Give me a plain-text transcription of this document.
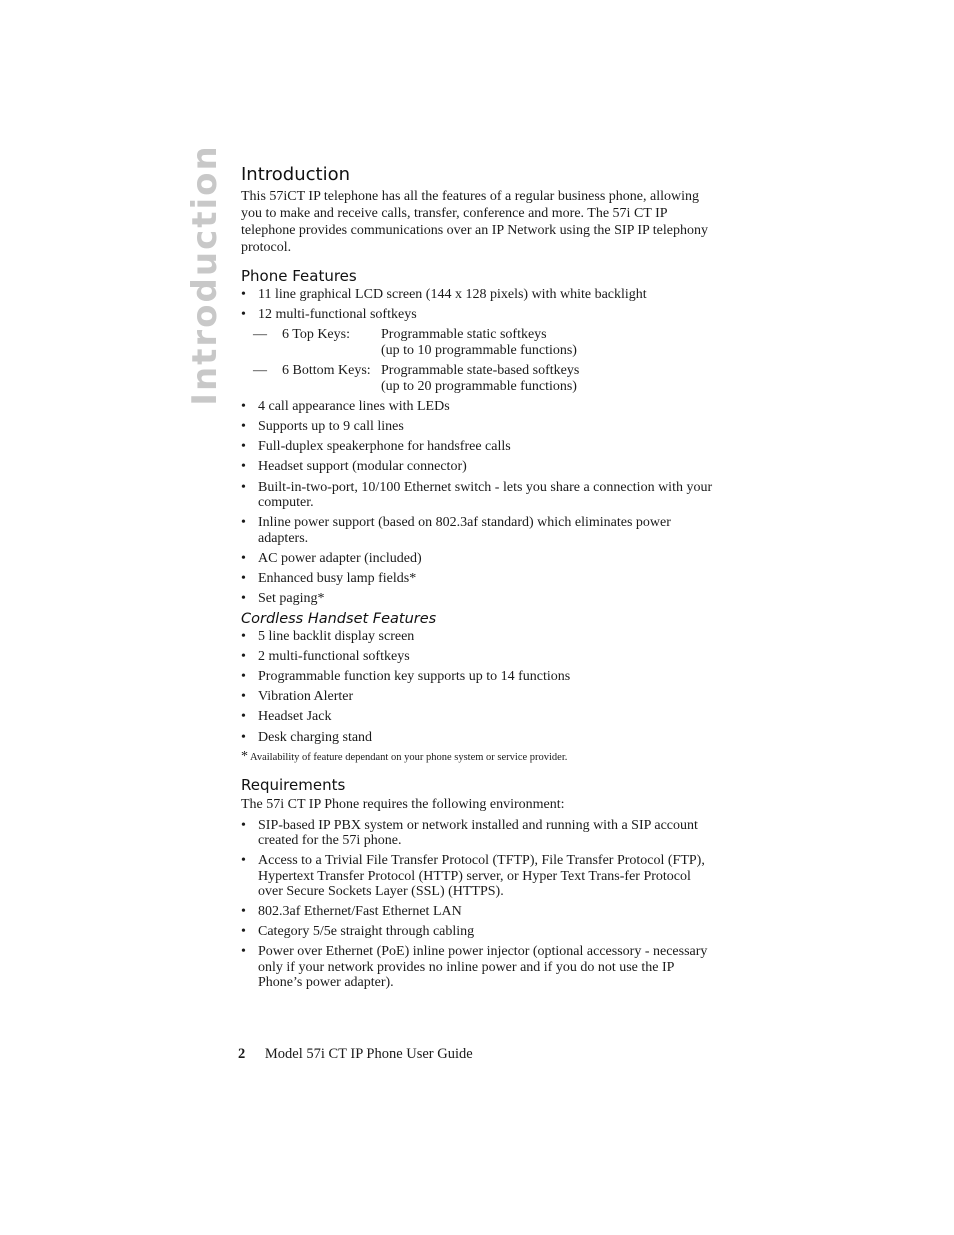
Introduction Introduction

This 57iCT IP telephone has all the features of a regular business phone, allowing you to make and receive calls, transfer, conference and more. The 57i CT IP telephone provides communications over an IP Network using the SIP IP telephony protocol.

Phone Features
• 11 line graphical LCD screen (144 x 128 pixels) with white backlight
• 12 multi-functional softkeys
—	6 Top Keys:	Programmable static softkeys
(up to 10 programmable functions)
—	6 Bottom Keys: Programmable state-based softkeys
(up to 20 programmable functions)
• 4 call appearance lines with LEDs
• Supports up to 9 call lines
• Full-duplex speakerphone for handsfree calls
• Headset support (modular connector)
• Built-in-two-port, 10/100 Ethernet switch - lets you share a connection with your computer.
• Inline power support (based on 802.3af standard) which eliminates power adapters.
• AC power adapter (included)
• Enhanced busy lamp fields*
• Set paging*
Cordless Handset Features
• 5 line backlit display screen
• 2 multi-functional softkeys
• Programmable function key supports up to 14 functions
• Vibration Alerter
• Headset Jack
• Desk charging stand

* Availability of feature dependant on your phone system or service provider.

Requirements

The 57i CT IP Phone requires the following environment:

• SIP-based IP PBX system or network installed and running with a SIP account created for the 57i phone.
• Access to a Trivial File Transfer Protocol (TFTP), File Transfer Protocol (FTP), Hypertext Transfer Protocol (HTTP) server, or Hyper Text Trans-fer Protocol over Secure Sockets Layer (SSL) (HTTPS).
• 802.3af Ethernet/Fast Ethernet LAN
• Category 5/5e straight through cabling
• Power over Ethernet (PoE) inline power injector (optional accessory - necessary only if your network provides no inline power and if you do not use the IP Phone’s power adapter).
2 Model 57i CT IP Phone User Guide
